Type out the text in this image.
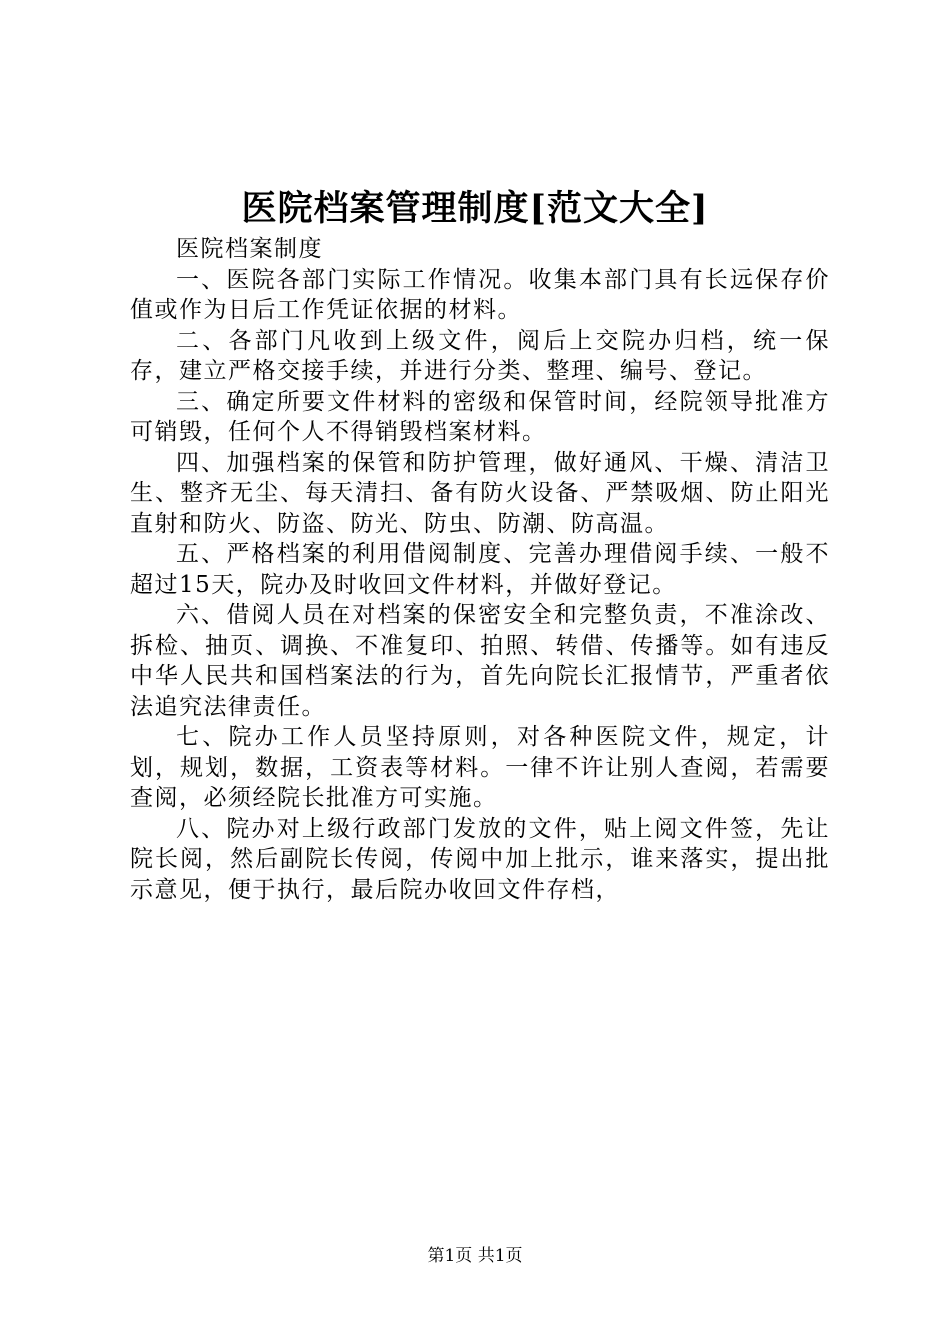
医院档案管理制度[范文大全]

医院档案制度

一、医院各部门实际工作情况。收集本部门具有长远保存价值或作为日后工作凭证依据的材料。

二、各部门凡收到上级文件，阅后上交院办归档，统一保存，建立严格交接手续，并进行分类、整理、编号、登记。

三、确定所要文件材料的密级和保管时间，经院领导批准方可销毁，任何个人不得销毁档案材料。

四、加强档案的保管和防护管理，做好通风、干燥、清洁卫生、整齐无尘、每天清扫、备有防火设备、严禁吸烟、防止阳光直射和防火、防盗、防光、防虫、防潮、防高温。

五、严格档案的利用借阅制度、完善办理借阅手续、一般不超过15天，院办及时收回文件材料，并做好登记。

六、借阅人员在对档案的保密安全和完整负责，不准涂改、拆检、抽页、调换、不准复印、拍照、转借、传播等。如有违反中华人民共和国档案法的行为，首先向院长汇报情节，严重者依法追究法律责任。

七、院办工作人员坚持原则，对各种医院文件，规定，计划，规划，数据，工资表等材料。一律不许让别人查阅，若需要查阅，必须经院长批准方可实施。

八、院办对上级行政部门发放的文件，贴上阅文件签，先让院长阅，然后副院长传阅，传阅中加上批示，谁来落实，提出批示意见，便于执行，最后院办收回文件存档，

第1页 共1页
